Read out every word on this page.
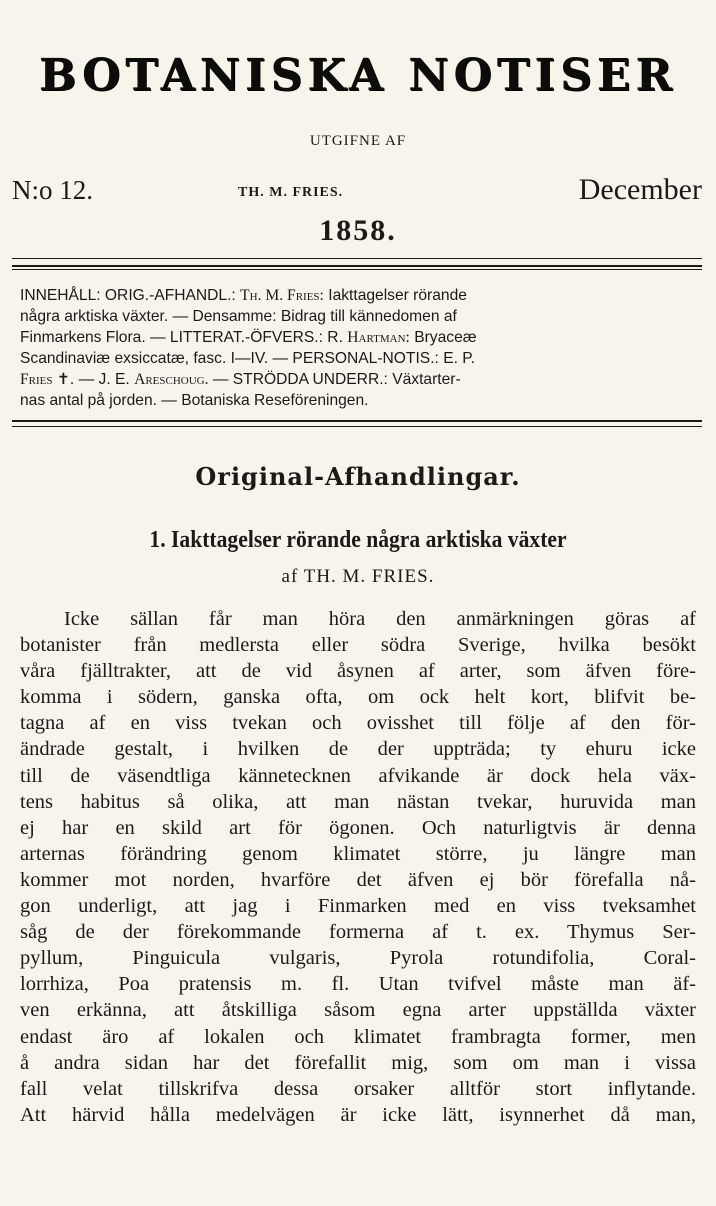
BOTANISKA NOTISER
UTGIFNE AF
N:o 12.	TH. M. FRIES.	December
1858.

INNEHÅLL: ORIG.-AFHANDL.: Th. M. Fries: Iakttagelser rörande

några arktiska växter. — Densamme: Bidrag till kännedomen af

Finmarkens Flora. — LITTERAT.-ÖFVERS.: R. Hartman: Bryaceæ

Scandinaviæ exsiccatæ, fasc. I—IV. — PERSONAL-NOTIS.: E. P.

Fries ✝. — J. E. Areschoug. — STRÖDDA UNDERR.: Växtarter-

nas antal på jorden. — Botaniska Reseföreningen.

Original-Afhandlingar.
1. Iakttagelser rörande några arktiska växter
af TH. M. FRIES.

Icke sällan får man höra den anmärkningen göras af

botanister från medlersta eller södra Sverige, hvilka besökt

våra fjälltrakter, att de vid åsynen af arter, som äfven före-

komma i södern, ganska ofta, om ock helt kort, blifvit be-

tagna af en viss tvekan och ovisshet till följe af den för-

ändrade gestalt, i hvilken de der uppträda; ty ehuru icke

till de väsendtliga kännetecknen afvikande är dock hela väx-

tens habitus så olika, att man nästan tvekar, huruvida man

ej har en skild art för ögonen. Och naturligtvis är denna

arternas förändring genom klimatet större, ju längre man

kommer mot norden, hvarföre det äfven ej bör förefalla nå-

gon underligt, att jag i Finmarken med en viss tveksamhet

såg de der förekommande formerna af t. ex. Thymus Ser-

pyllum, Pinguicula vulgaris, Pyrola rotundifolia, Coral-

lorrhiza, Poa pratensis m. fl. Utan tvifvel måste man äf-

ven erkänna, att åtskilliga såsom egna arter uppställda växter

endast äro af lokalen och klimatet frambragta former, men

å andra sidan har det förefallit mig, som om man i vissa

fall velat tillskrifva dessa orsaker alltför stort inflytande.

Att härvid hålla medelvägen är icke lätt, isynnerhet då man,
